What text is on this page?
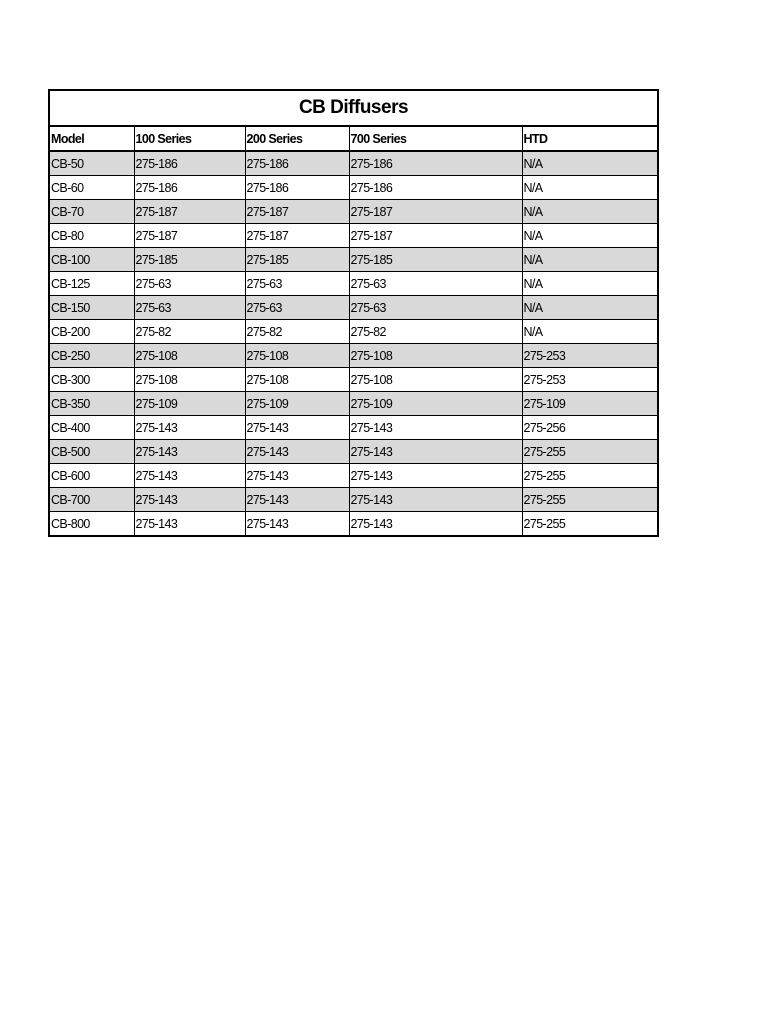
CB Diffusers
Model	100 Series	200 Series	700 Series	HTD
CB-50	275-186	275-186	275-186	N/A
CB-60	275-186	275-186	275-186	N/A
CB-70	275-187	275-187	275-187	N/A
CB-80	275-187	275-187	275-187	N/A
CB-100	275-185	275-185	275-185	N/A
CB-125	275-63	275-63	275-63	N/A
CB-150	275-63	275-63	275-63	N/A
CB-200	275-82	275-82	275-82	N/A
CB-250	275-108	275-108	275-108	275-253
CB-300	275-108	275-108	275-108	275-253
CB-350	275-109	275-109	275-109	275-109
CB-400	275-143	275-143	275-143	275-256
CB-500	275-143	275-143	275-143	275-255
CB-600	275-143	275-143	275-143	275-255
CB-700	275-143	275-143	275-143	275-255
CB-800	275-143	275-143	275-143	275-255
